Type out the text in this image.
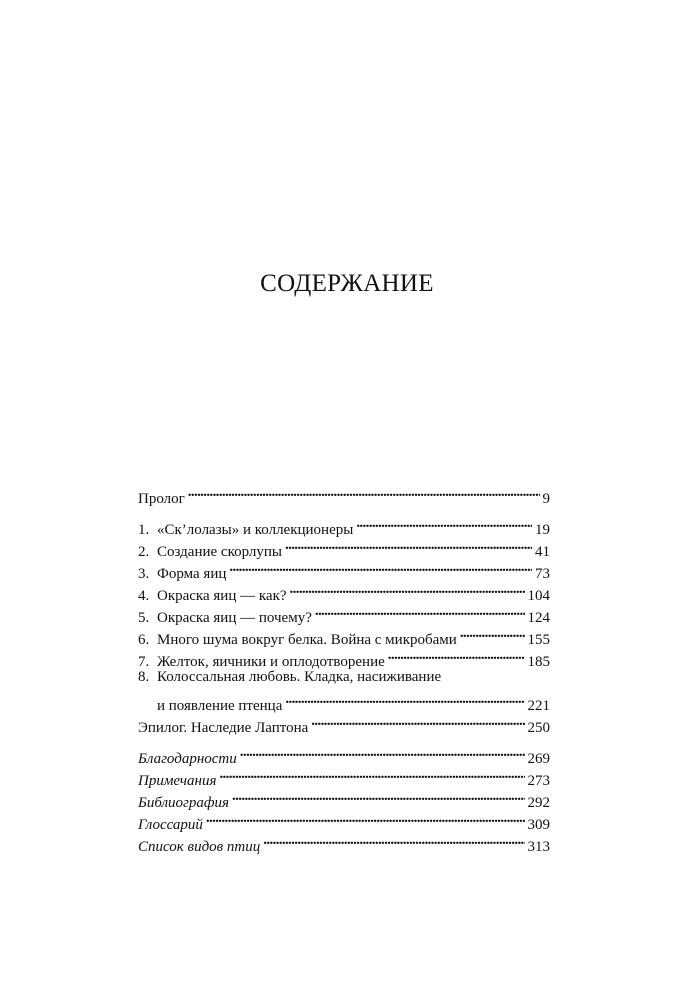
СОДЕРЖАНИЕ
Пролог . . .	9
1. «Ск’лолазы» и коллекционеры . . .	19
2. Создание скорлупы . . .	41
3. Форма яиц . . .	73
4. Окраска яиц — как? . . .	104
5. Окраска яиц — почему? . . .	124
6. Много шума вокруг белка. Война с микробами . . .	155
7. Желток, яичники и оплодотворение . . .	185
8. Колоссальная любовь. Кладка, насиживание
и появление птенца . . .	221
Эпилог. Наследие Лаптона . . .	250
Благодарности . . .	269
Примечания . . .	273
Библиография . . .	292
Глоссарий . . .	309
Список видов птиц . . .	313
